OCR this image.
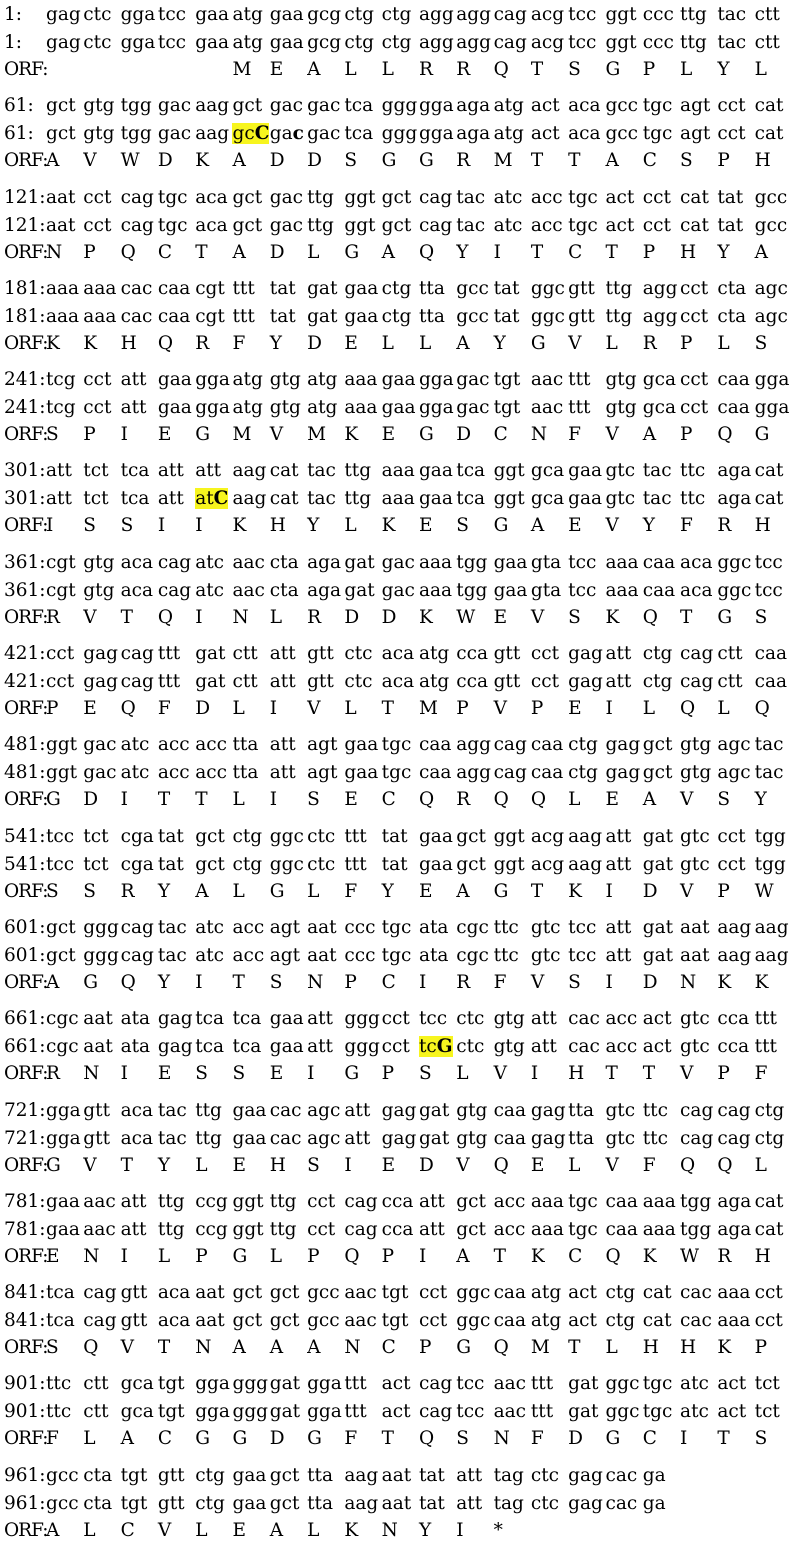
1: gag ctc gga tcc gaa atg gaa gcg ctg ctg agg agg cag acg tcc ggt ccc ttg tac ctt
1: gag ctc gga tcc gaa atg gaa gcg ctg ctg agg agg cag acg tcc ggt ccc ttg tac ctt
ORF:	M E A L L R R Q T S G P L Y L
61: gct gtg tgg gac aag gct gac gac tca ggggga aga atg act aca gcc tgc agt cct cat
61: gct gtg tgg gac aag gcCgac gac tca ggggga aga atg act aca gcc tgc agt cct cat
ORF:A V W D K A D D S G G R M T T A C S P H
121:aat cct cag tgc aca gct gac ttg ggt gct cag tac atc acc tgc act cct cat tat gcc
121:aat cct cag tgc aca gct gac ttg ggt gct cag tac atc acc tgc act cct cat tat gcc
ORF:N P Q C T A D L G A Q Y I T C T P H Y A
181:aaa aaa cac caa cgt ttt tat gat gaa ctg tta gcc tat ggc gtt ttg agg cct cta agc
181:aaa aaa cac caa cgt ttt tat gat gaa ctg tta gcc tat ggc gtt ttg agg cct cta agc
ORF:K K H Q R F Y D E L L A Y G V L R P L S
241:tcg cct att gaa gga atg gtg atg aaa gaa gga gac tgt aac ttt gtg gca cct caa gga
241:tcg cct att gaa gga atg gtg atg aaa gaa gga gac tgt aac ttt gtg gca cct caa gga
ORF:S P I E G M V M K E G D C N F V A P Q G
301:att tct tca att att aag cat tac ttg aaa gaa tca ggt gca gaa gtc tac ttc aga cat
301:att tct tca att atC aag cat tac ttg aaa gaa tca ggt gca gaa gtc tac ttc aga cat
ORF:I S S I I K H Y L K E S G A E V Y F R H
361:cgt gtg aca cag atc aac cta aga gat gac aaa tgg gaa gta tcc aaa caa aca ggc tcc
361:cgt gtg aca cag atc aac cta aga gat gac aaa tgg gaa gta tcc aaa caa aca ggc tcc
ORF:R V T Q I N L R D D K W E V S K Q T G S
421:cct gag cag ttt gat ctt att gtt ctc aca atg cca gtt cct gag att ctg cag ctt caa
421:cct gag cag ttt gat ctt att gtt ctc aca atg cca gtt cct gag att ctg cag ctt caa
ORF:P E Q F D L I V L T M P V P E I L Q L Q
481:ggt gac atc acc acc tta att agt gaa tgc caa agg cag caa ctg gag gct gtg agc tac
481:ggt gac atc acc acc tta att agt gaa tgc caa agg cag caa ctg gag gct gtg agc tac
ORF:G D I T T L I S E C Q R Q Q L E A V S Y
541:tcc tct cga tat gct ctg ggc ctc ttt tat gaa gct ggt acg aag att gat gtc cct tgg
541:tcc tct cga tat gct ctg ggc ctc ttt tat gaa gct ggt acg aag att gat gtc cct tgg
ORF:S S R Y A L G L F Y E A G T K I D V P W
601:gct gggcag tac atc acc agt aat ccc tgc ata cgc ttc gtc tcc att gat aat aag aag
601:gct gggcag tac atc acc agt aat ccc tgc ata cgc ttc gtc tcc att gat aat aag aag
ORF:A G Q Y I T S N P C I R F V S I D N K K
661:cgc aat ata gag tca tca gaa att gggcct tcc ctc gtg att cac acc act gtc cca ttt
661:cgc aat ata gag tca tca gaa att gggcct tcG ctc gtg att cac acc act gtc cca ttt
ORF:R N I E S S E I G P S L V I H T T V P F
721:gga gtt aca tac ttg gaa cac agc att gag gat gtg caa gag tta gtc ttc cag cag ctg
721:gga gtt aca tac ttg gaa cac agc att gag gat gtg caa gag tta gtc ttc cag cag ctg
ORF:G V T Y L E H S I E D V Q E L V F Q Q L
781:gaa aac att ttg ccg ggt ttg cct cag cca att gct acc aaa tgc caa aaa tgg aga cat
781:gaa aac att ttg ccg ggt ttg cct cag cca att gct acc aaa tgc caa aaa tgg aga cat
ORF:E N I L P G L P Q P I A T K C Q K W R H
841:tca cag gtt aca aat gct gct gcc aac tgt cct ggc caa atg act ctg cat cac aaa cct
841:tca cag gtt aca aat gct gct gcc aac tgt cct ggc caa atg act ctg cat cac aaa cct
ORF:S Q V T N A A A N C P G Q M T L H H K P
901:ttc ctt gca tgt gga ggggat gga ttt act cag tcc aac ttt gat ggc tgc atc act tct
901:ttc ctt gca tgt gga ggggat gga ttt act cag tcc aac ttt gat ggc tgc atc act tct
ORF:F L A C G G D G F T Q S N F D G C I T S
961:gcc cta tgt gtt ctg gaa gct tta aag aat tat att tag ctc gag cac ga
961:gcc cta tgt gtt ctg gaa gct tta aag aat tat att tag ctc gag cac ga
ORF:A L C V L E A L K N Y I *
